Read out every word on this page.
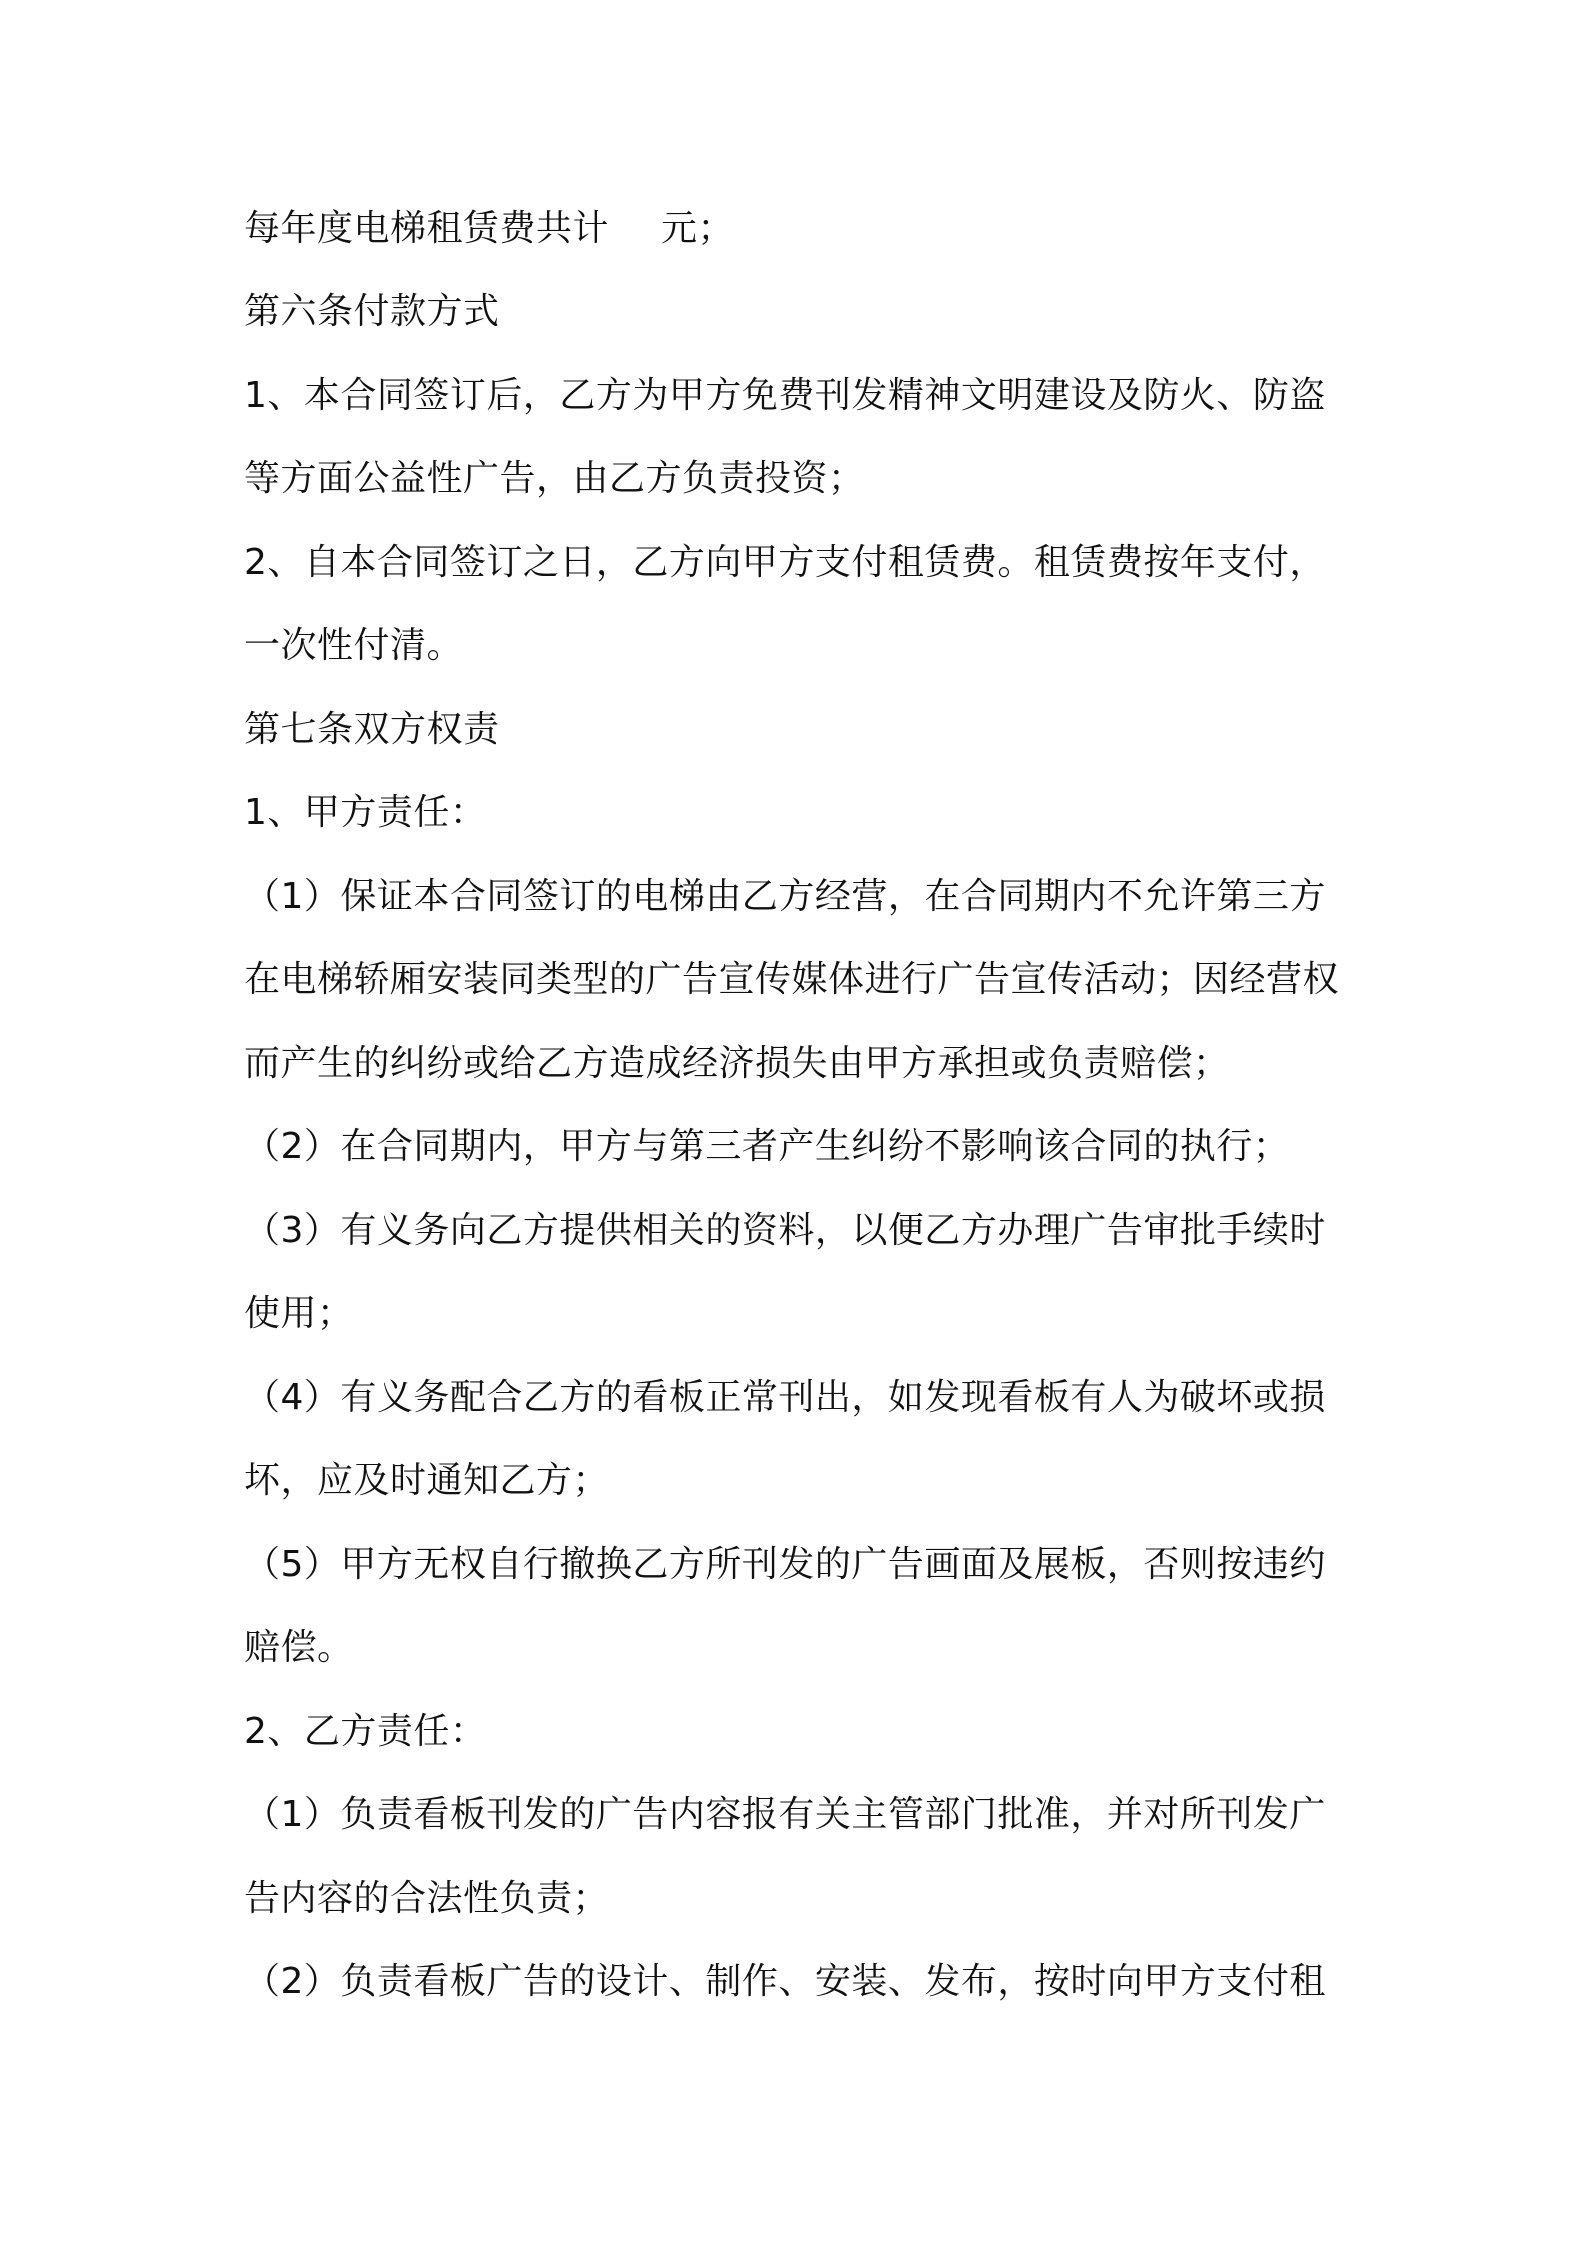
每年度电梯租赁费共计 元；
第六条付款方式
1、本合同签订后，乙方为甲方免费刊发精神文明建设及防火、防盗
等方面公益性广告，由乙方负责投资；
2、自本合同签订之日，乙方向甲方支付租赁费。租赁费按年支付，
一次性付清。
第七条双方权责
1、甲方责任：
（1）保证本合同签订的电梯由乙方经营，在合同期内不允许第三方
在电梯轿厢安装同类型的广告宣传媒体进行广告宣传活动；因经营权
而产生的纠纷或给乙方造成经济损失由甲方承担或负责赔偿；
（2）在合同期内，甲方与第三者产生纠纷不影响该合同的执行；
（3）有义务向乙方提供相关的资料，以便乙方办理广告审批手续时
使用；
（4）有义务配合乙方的看板正常刊出，如发现看板有人为破坏或损
坏，应及时通知乙方；
（5）甲方无权自行撤换乙方所刊发的广告画面及展板，否则按违约
赔偿。
2、乙方责任：
（1）负责看板刊发的广告内容报有关主管部门批准，并对所刊发广
告内容的合法性负责；
（2）负责看板广告的设计、制作、安装、发布，按时向甲方支付租
